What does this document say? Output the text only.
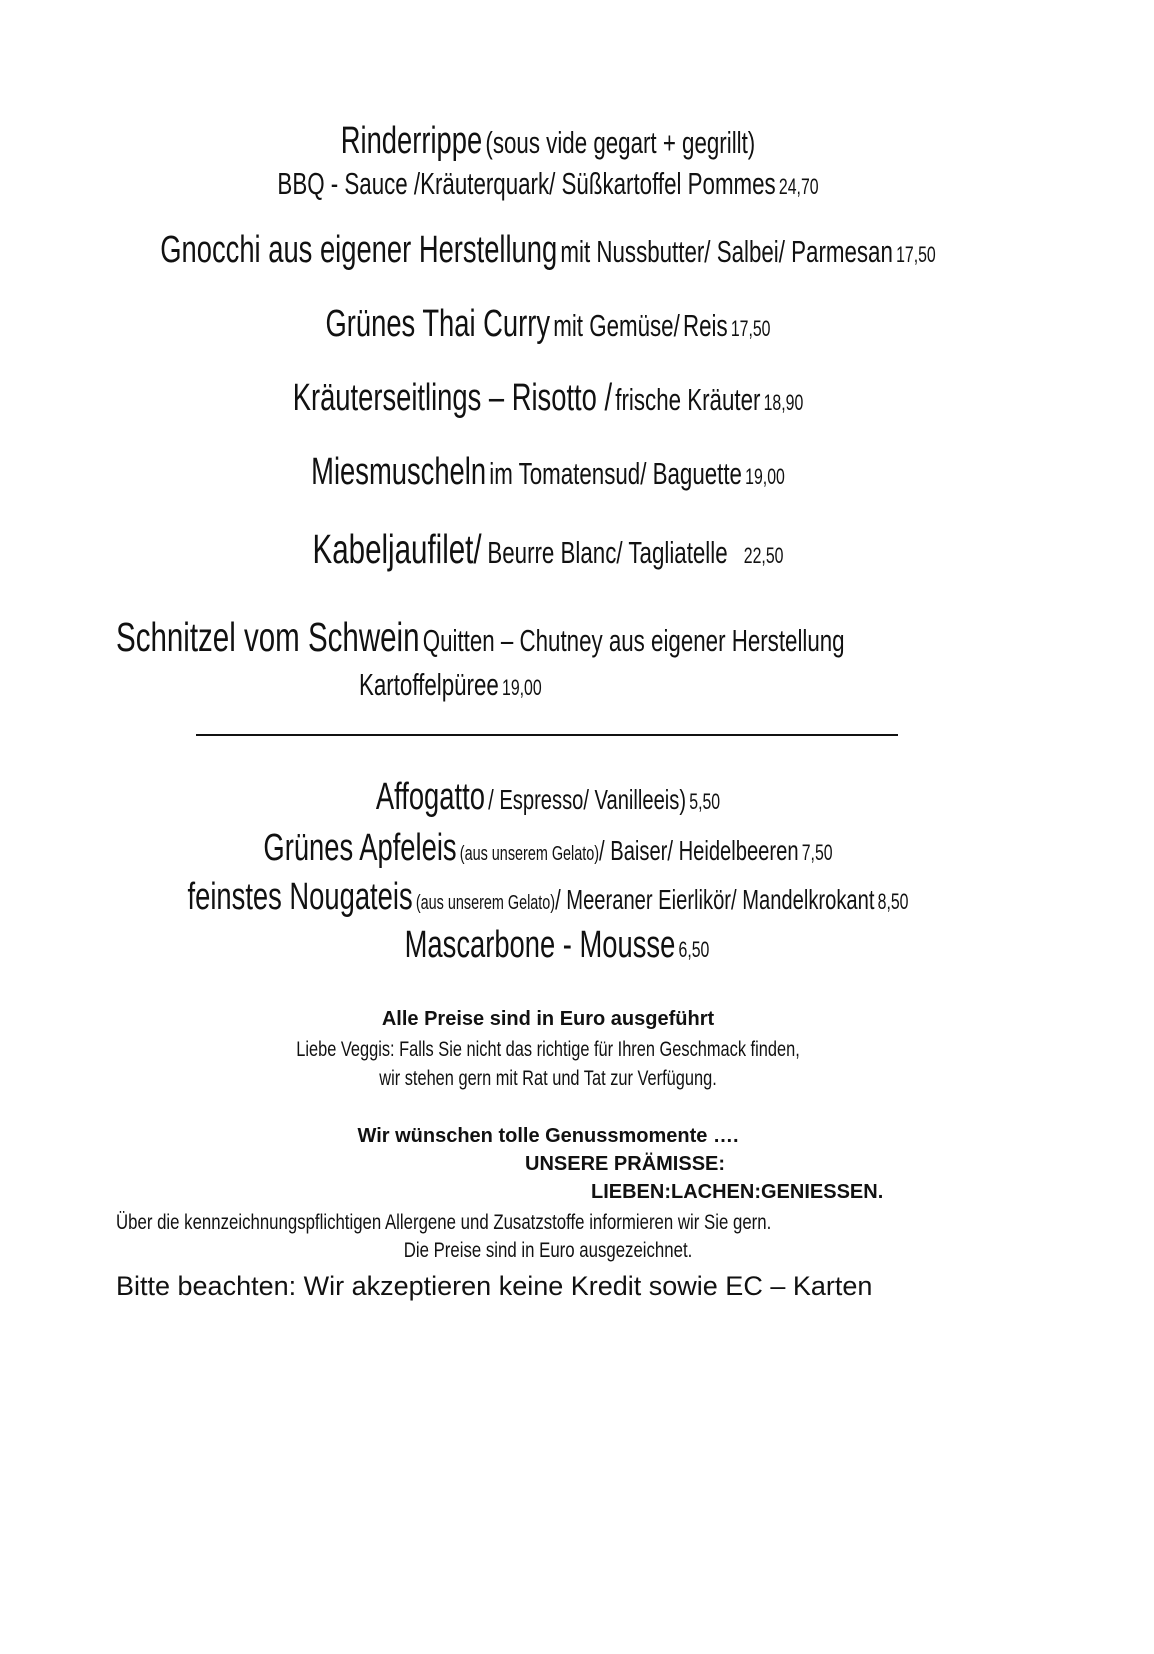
Rinderrippe (sous vide gegart + gegrillt)
BBQ - Sauce /Kräuterquark/ Süßkartoffel Pommes 24,70
Gnocchi aus eigener Herstellung mit Nussbutter/ Salbei/ Parmesan 17,50
Grünes Thai Curry mit Gemüse/ Reis 17,50
Kräuterseitlings – Risotto / frische Kräuter 18,90
Miesmuscheln im Tomatensud/ Baguette 19,00
Kabeljaufilet/ Beurre Blanc/ Tagliatelle 22,50
Schnitzel vom Schwein Quitten – Chutney aus eigener Herstellung
Kartoffelpüree 19,00
Affogatto / Espresso/ Vanilleeis) 5,50
Grünes Apfeleis (aus unserem Gelato)/ Baiser/ Heidelbeeren 7,50
feinstes Nougateis (aus unserem Gelato)/ Meeraner Eierlikör/ Mandelkrokant 8,50
Mascarbone - Mousse 6,50
Alle Preise sind in Euro ausgeführt
Liebe Veggis: Falls Sie nicht das richtige für Ihren Geschmack finden,
wir stehen gern mit Rat und Tat zur Verfügung.
Wir wünschen tolle Genussmomente ….
UNSERE PRÄMISSE:
LIEBEN:LACHEN:GENIESSEN.
Über die kennzeichnungspflichtigen Allergene und Zusatzstoffe informieren wir Sie gern.
Die Preise sind in Euro ausgezeichnet.
Bitte beachten: Wir akzeptieren keine Kredit sowie EC – Karten
